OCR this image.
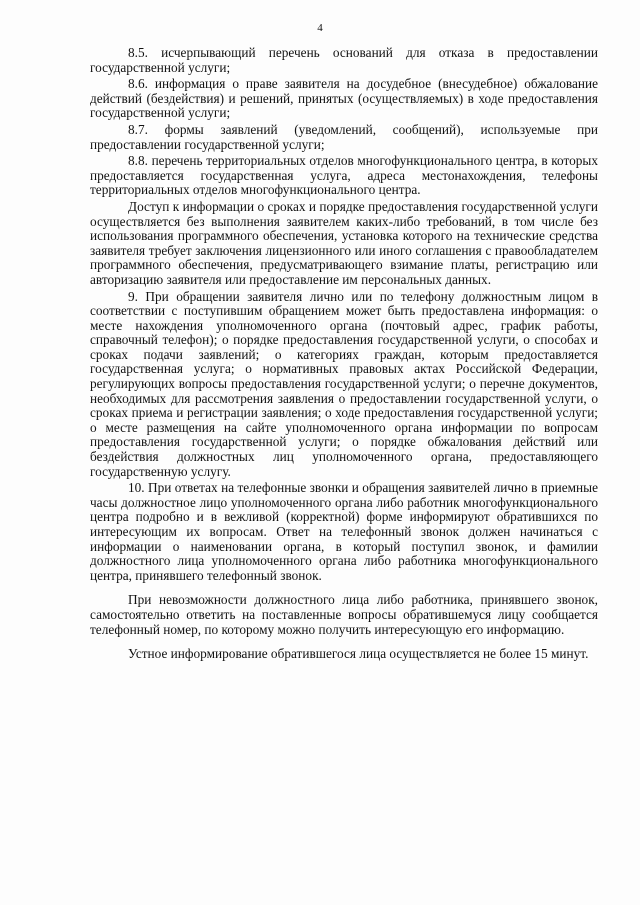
4

8.5. исчерпывающий перечень оснований для отказа в предоставлении государственной услуги;

8.6. информация о праве заявителя на досудебное (внесудебное) обжалование действий (бездействия) и решений, принятых (осуществляемых) в ходе предоставления государственной услуги;

8.7. формы заявлений (уведомлений, сообщений), используемые при предоставлении государственной услуги;

8.8. перечень территориальных отделов многофункционального центра, в которых предоставляется государственная услуга, адреса местонахождения, телефоны территориальных отделов многофункционального центра.

Доступ к информации о сроках и порядке предоставления государственной услуги осуществляется без выполнения заявителем каких-либо требований, в том числе без использования программного обеспечения, установка которого на технические средства заявителя требует заключения лицензионного или иного соглашения с правообладателем программного обеспечения, предусматривающего взимание платы, регистрацию или авторизацию заявителя или предоставление им персональных данных.

9. При обращении заявителя лично или по телефону должностным лицом в соответствии с поступившим обращением может быть предоставлена информация: о месте нахождения уполномоченного органа (почтовый адрес, график работы, справочный телефон); о порядке предоставления государственной услуги, о способах и сроках подачи заявлений; о категориях граждан, которым предоставляется государственная услуга; о нормативных правовых актах Российской Федерации, регулирующих вопросы предоставления государственной услуги; о перечне документов, необходимых для рассмотрения заявления о предоставлении государственной услуги, о сроках приема и регистрации заявления; о ходе предоставления государственной услуги; о месте размещения на сайте уполномоченного органа информации по вопросам предоставления государственной услуги; о порядке обжалования действий или бездействия должностных лиц уполномоченного органа, предоставляющего государственную услугу.

10. При ответах на телефонные звонки и обращения заявителей лично в приемные часы должностное лицо уполномоченного органа либо работник многофункционального центра подробно и в вежливой (корректной) форме информируют обратившихся по интересующим их вопросам. Ответ на телефонный звонок должен начинаться с информации о наименовании органа, в который поступил звонок, и фамилии должностного лица уполномоченного органа либо работника многофункционального центра, принявшего телефонный звонок.

При невозможности должностного лица либо работника, принявшего звонок, самостоятельно ответить на поставленные вопросы обратившемуся лицу сообщается телефонный номер, по которому можно получить интересующую его информацию.

Устное информирование обратившегося лица осуществляется не более 15 минут.
